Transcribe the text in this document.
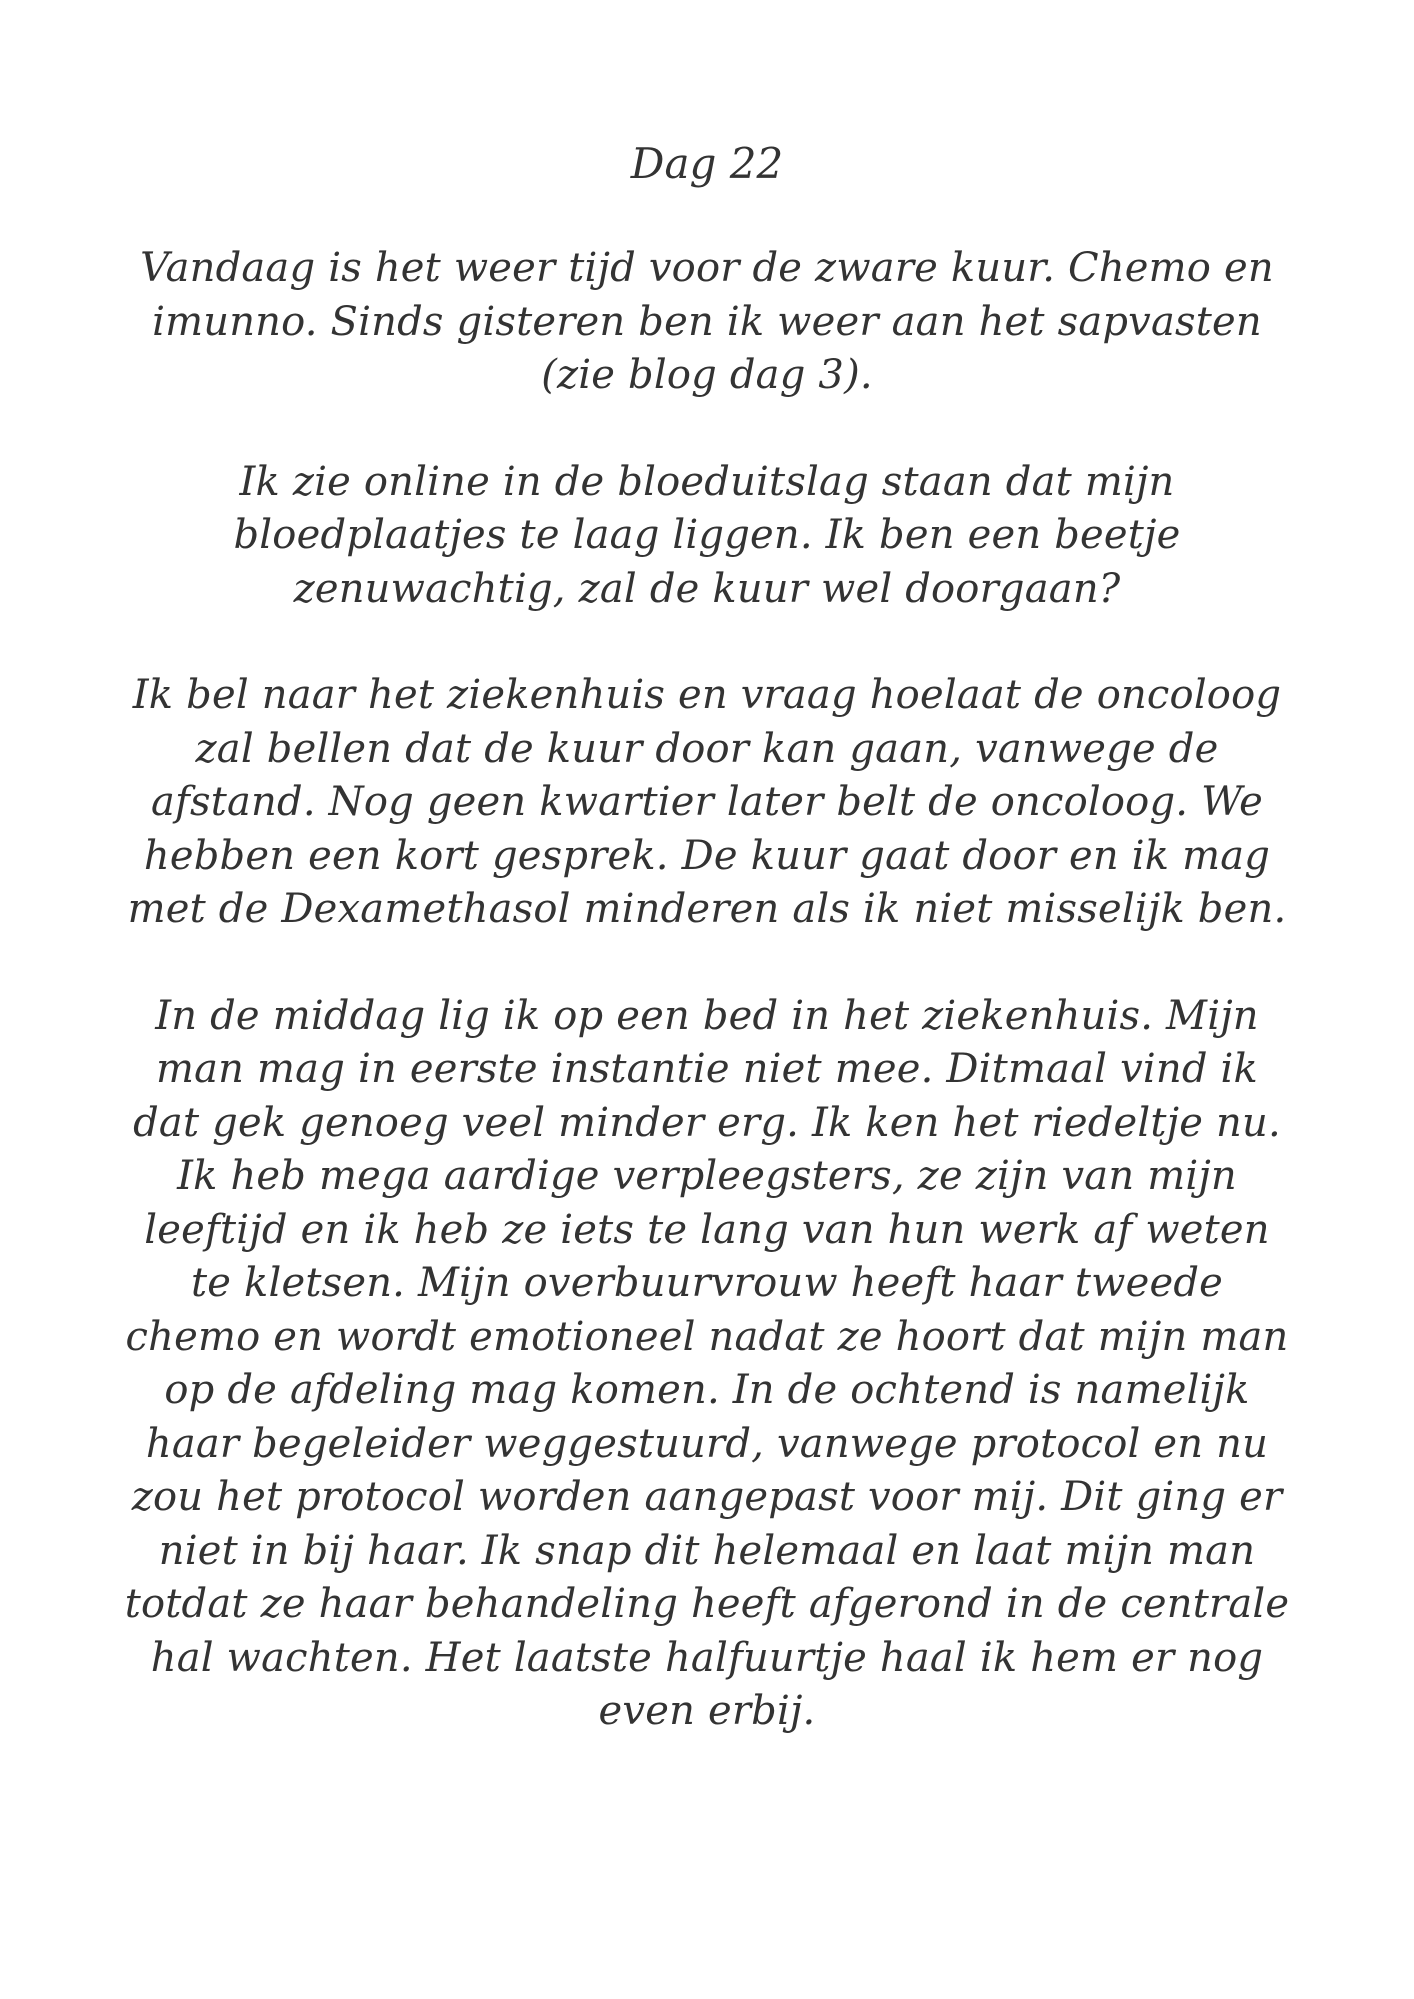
Dag 22
Vandaag is het weer tijd voor de zware kuur. Chemo en
imunno. Sinds gisteren ben ik weer aan het sapvasten
(zie blog dag 3).
Ik zie online in de bloeduitslag staan dat mijn
bloedplaatjes te laag liggen. Ik ben een beetje
zenuwachtig, zal de kuur wel doorgaan?
Ik bel naar het ziekenhuis en vraag hoelaat de oncoloog
zal bellen dat de kuur door kan gaan, vanwege de
afstand. Nog geen kwartier later belt de oncoloog. We
hebben een kort gesprek. De kuur gaat door en ik mag
met de Dexamethasol minderen als ik niet misselijk ben.
In de middag lig ik op een bed in het ziekenhuis. Mijn
man mag in eerste instantie niet mee. Ditmaal vind ik
dat gek genoeg veel minder erg. Ik ken het riedeltje nu.
Ik heb mega aardige verpleegsters, ze zijn van mijn
leeftijd en ik heb ze iets te lang van hun werk af weten
te kletsen. Mijn overbuurvrouw heeft haar tweede
chemo en wordt emotioneel nadat ze hoort dat mijn man
op de afdeling mag komen. In de ochtend is namelijk
haar begeleider weggestuurd, vanwege protocol en nu
zou het protocol worden aangepast voor mij. Dit ging er
niet in bij haar. Ik snap dit helemaal en laat mijn man
totdat ze haar behandeling heeft afgerond in de centrale
hal wachten. Het laatste halfuurtje haal ik hem er nog
even erbij.
